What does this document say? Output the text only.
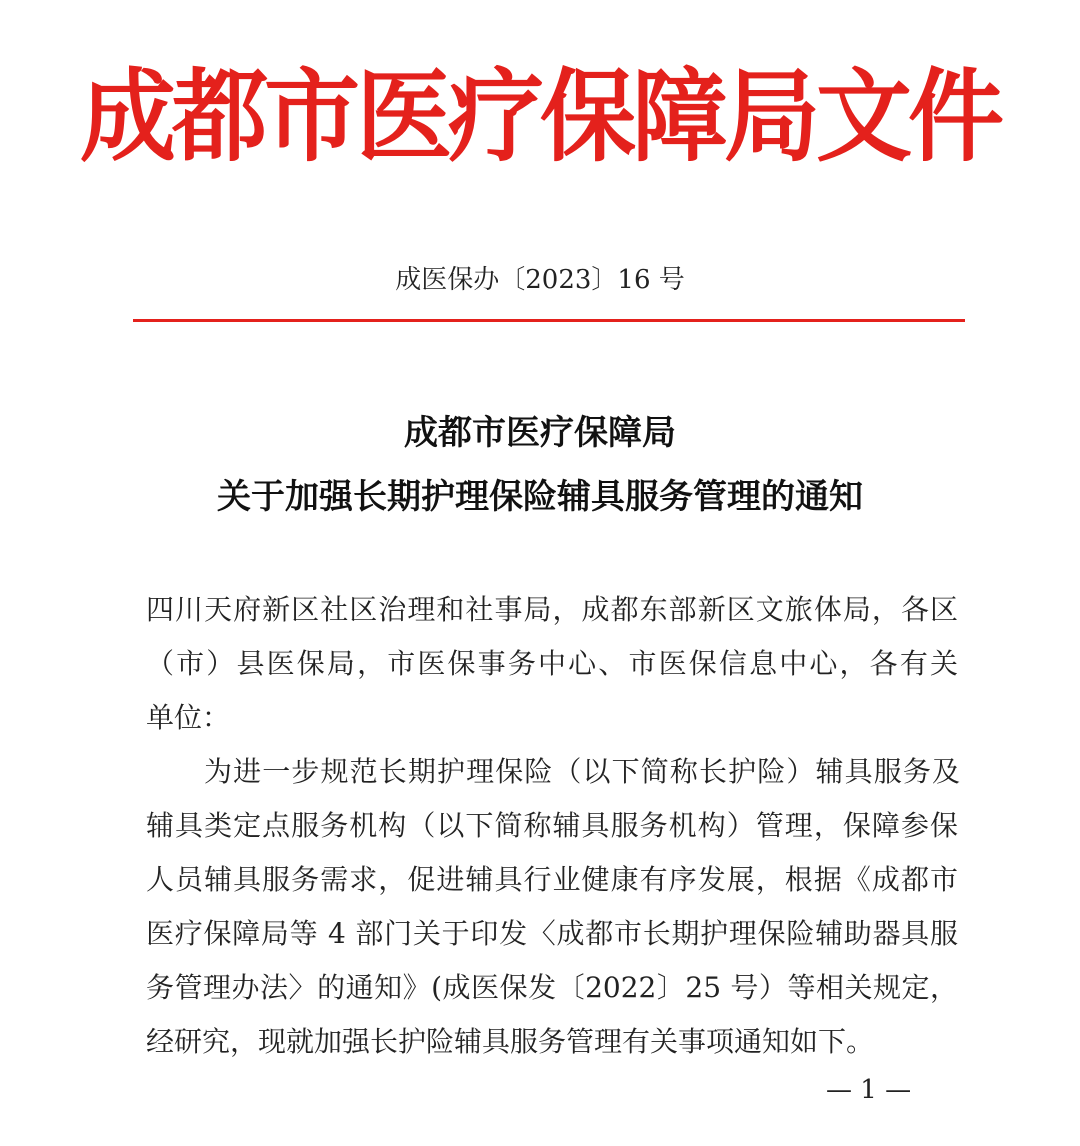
成都市医疗保障局文件
成医保办〔2023〕16 号
成都市医疗保障局
关于加强长期护理保险辅具服务管理的通知
四川天府新区社区治理和社事局，成都东部新区文旅体局，各区
（市）县医保局，市医保事务中心、市医保信息中心，各有关
单位：
为进一步规范长期护理保险（以下简称长护险）辅具服务及
辅具类定点服务机构（以下简称辅具服务机构）管理，保障参保
人员辅具服务需求，促进辅具行业健康有序发展，根据《成都市
医疗保障局等 4 部门关于印发〈成都市长期护理保险辅助器具服
务管理办法〉的通知》(成医保发〔2022〕25 号）等相关规定，
经研究，现就加强长护险辅具服务管理有关事项通知如下。
— 1 —
